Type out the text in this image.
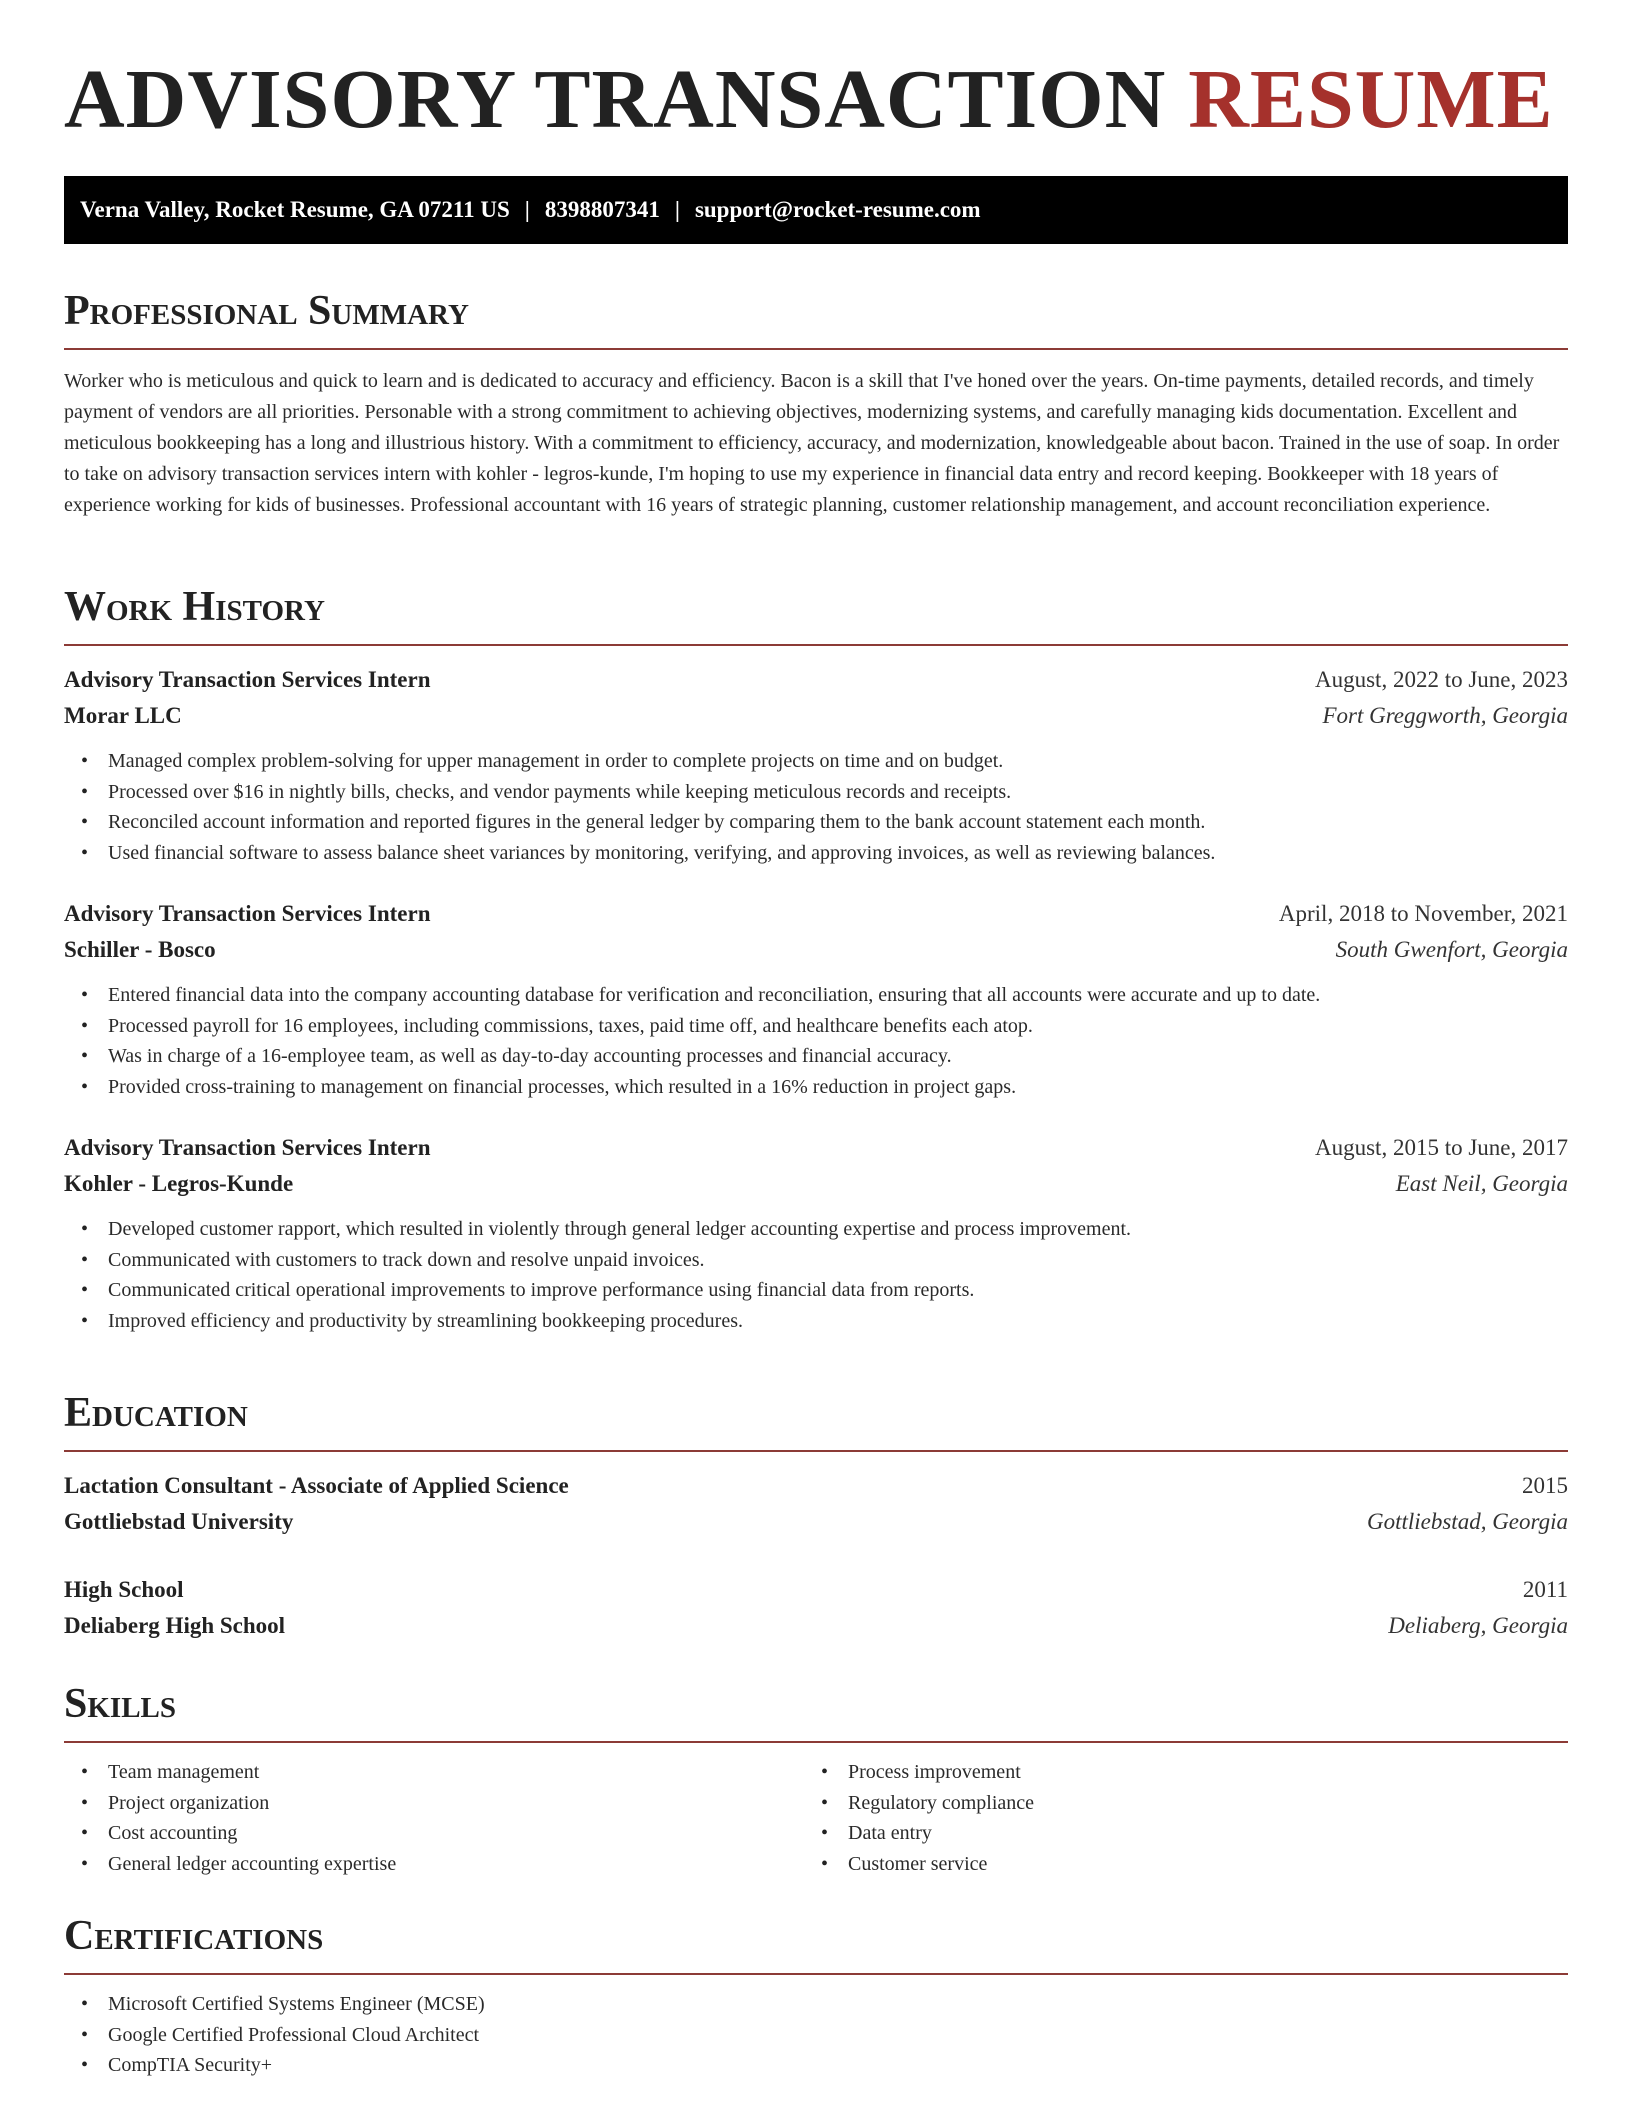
ADVISORY TRANSACTION RESUME
Verna Valley, Rocket Resume, GA 07211 US | 8398807341 | support@rocket-resume.com
Professional Summary

Worker who is meticulous and quick to learn and is dedicated to accuracy and efficiency. Bacon is a skill that I've honed over the years. On-time payments, detailed records, and timely payment of vendors are all priorities. Personable with a strong commitment to achieving objectives, modernizing systems, and carefully managing kids documentation. Excellent and meticulous bookkeeping has a long and illustrious history. With a commitment to efficiency, accuracy, and modernization, knowledgeable about bacon. Trained in the use of soap. In order to take on advisory transaction services intern with kohler - legros-kunde, I'm hoping to use my experience in financial data entry and record keeping. Bookkeeper with 18 years of experience working for kids of businesses. Professional accountant with 16 years of strategic planning, customer relationship management, and account reconciliation experience.

Work History
Advisory Transaction Services Intern	August, 2022 to June, 2023
Morar LLC	Fort Greggworth, Georgia
• Managed complex problem-solving for upper management in order to complete projects on time and on budget.
• Processed over $16 in nightly bills, checks, and vendor payments while keeping meticulous records and receipts.
• Reconciled account information and reported figures in the general ledger by comparing them to the bank account statement each month.
• Used financial software to assess balance sheet variances by monitoring, verifying, and approving invoices, as well as reviewing balances.
Advisory Transaction Services Intern	April, 2018 to November, 2021
Schiller - Bosco	South Gwenfort, Georgia
• Entered financial data into the company accounting database for verification and reconciliation, ensuring that all accounts were accurate and up to date.
• Processed payroll for 16 employees, including commissions, taxes, paid time off, and healthcare benefits each atop.
• Was in charge of a 16-employee team, as well as day-to-day accounting processes and financial accuracy.
• Provided cross-training to management on financial processes, which resulted in a 16% reduction in project gaps.
Advisory Transaction Services Intern	August, 2015 to June, 2017
Kohler - Legros-Kunde	East Neil, Georgia
• Developed customer rapport, which resulted in violently through general ledger accounting expertise and process improvement.
• Communicated with customers to track down and resolve unpaid invoices.
• Communicated critical operational improvements to improve performance using financial data from reports.
• Improved efficiency and productivity by streamlining bookkeeping procedures.
Education
Lactation Consultant - Associate of Applied Science	2015
Gottliebstad University	Gottliebstad, Georgia
High School	2011
Deliaberg High School	Deliaberg, Georgia
Skills
• Team management
• Project organization
• Cost accounting
• General ledger accounting expertise
• Process improvement
• Regulatory compliance
• Data entry
• Customer service
Certifications
• Microsoft Certified Systems Engineer (MCSE)
• Google Certified Professional Cloud Architect
• CompTIA Security+
